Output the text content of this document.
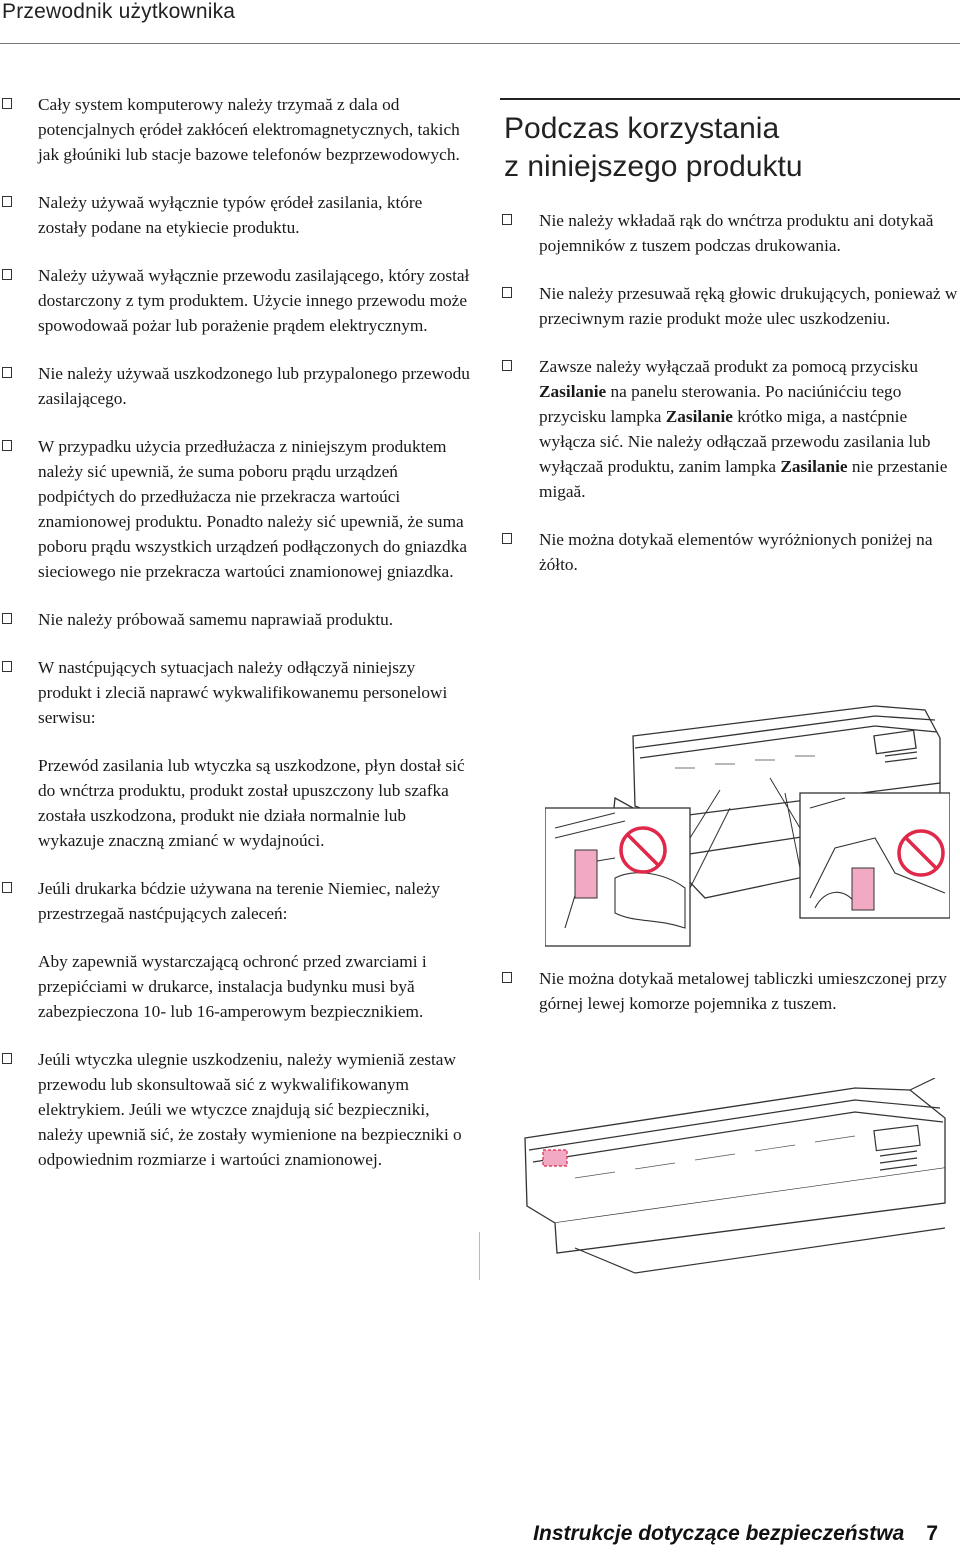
Przewodnik użytkownika
Cały system komputerowy należy trzymaă z dala od potencjalnych ęródeł zakłóceń elektromagnetycznych, takich jak głoúniki lub stacje bazowe telefonów bezprzewodowych.
Należy używaă wyłącznie typów ęródeł zasilania, które zostały podane na etykiecie produktu.
Należy używaă wyłącznie przewodu zasilającego, który został dostarczony z tym produktem. Użycie innego przewodu może spowodowaă pożar lub porażenie prądem elektrycznym.
Nie należy używaă uszkodzonego lub przypalonego przewodu zasilającego.
W przypadku użycia przedłużacza z niniejszym produktem należy sić upewniă, że suma poboru prądu urządzeń podpićtych do przedłużacza nie przekracza wartoúci znamionowej produktu. Ponadto należy sić upewniă, że suma poboru prądu wszystkich urządzeń podłączonych do gniazdka sieciowego nie przekracza wartoúci znamionowej gniazdka.
Nie należy próbowaă samemu naprawiaă produktu.
W nastćpujących sytuacjach należy odłączyă niniejszy produkt i zleciă naprawć wykwalifikowanemu personelowi serwisu:

Przewód zasilania lub wtyczka są uszkodzone, płyn dostał sić do wnćtrza produktu, produkt został upuszczony lub szafka została uszkodzona, produkt nie działa normalnie lub wykazuje znaczną zmianć w wydajnoúci.

Jeúli drukarka bćdzie używana na terenie Niemiec, należy przestrzegaă nastćpujących zaleceń:

Aby zapewniă wystarczającą ochronć przed zwarciami i przepićciami w drukarce, instalacja budynku musi byă zabezpieczona 10- lub 16-amperowym bezpiecznikiem.

Jeúli wtyczka ulegnie uszkodzeniu, należy wymieniă zestaw przewodu lub skonsultowaă sić z wykwalifikowanym elektrykiem. Jeúli we wtyczce znajdują sić bezpieczniki, należy upewniă sić, że zostały wymienione na bezpieczniki o odpowiednim rozmiarze i wartoúci znamionowej.
Podczas korzystania
z niniejszego produktu
Nie należy wkładaă rąk do wnćtrza produktu ani dotykaă pojemników z tuszem podczas drukowania.
Nie należy przesuwaă ręką głowic drukujących, ponieważ w przeciwnym razie produkt może ulec uszkodzeniu.
Zawsze należy wyłączaă produkt za pomocą przycisku Zasilanie na panelu sterowania. Po naciúnićciu tego przycisku lampka Zasilanie krótko miga, a nastćpnie wyłącza sić. Nie należy odłączaă przewodu zasilania lub wyłączaă produktu, zanim lampka Zasilanie nie przestanie migaă.
Nie można dotykaă elementów wyróżnionych poniżej na żółto.
Nie można dotykaă metalowej tabliczki umieszczonej przy górnej lewej komorze pojemnika z tuszem.
Instrukcje dotyczące bezpieczeństwa 7
